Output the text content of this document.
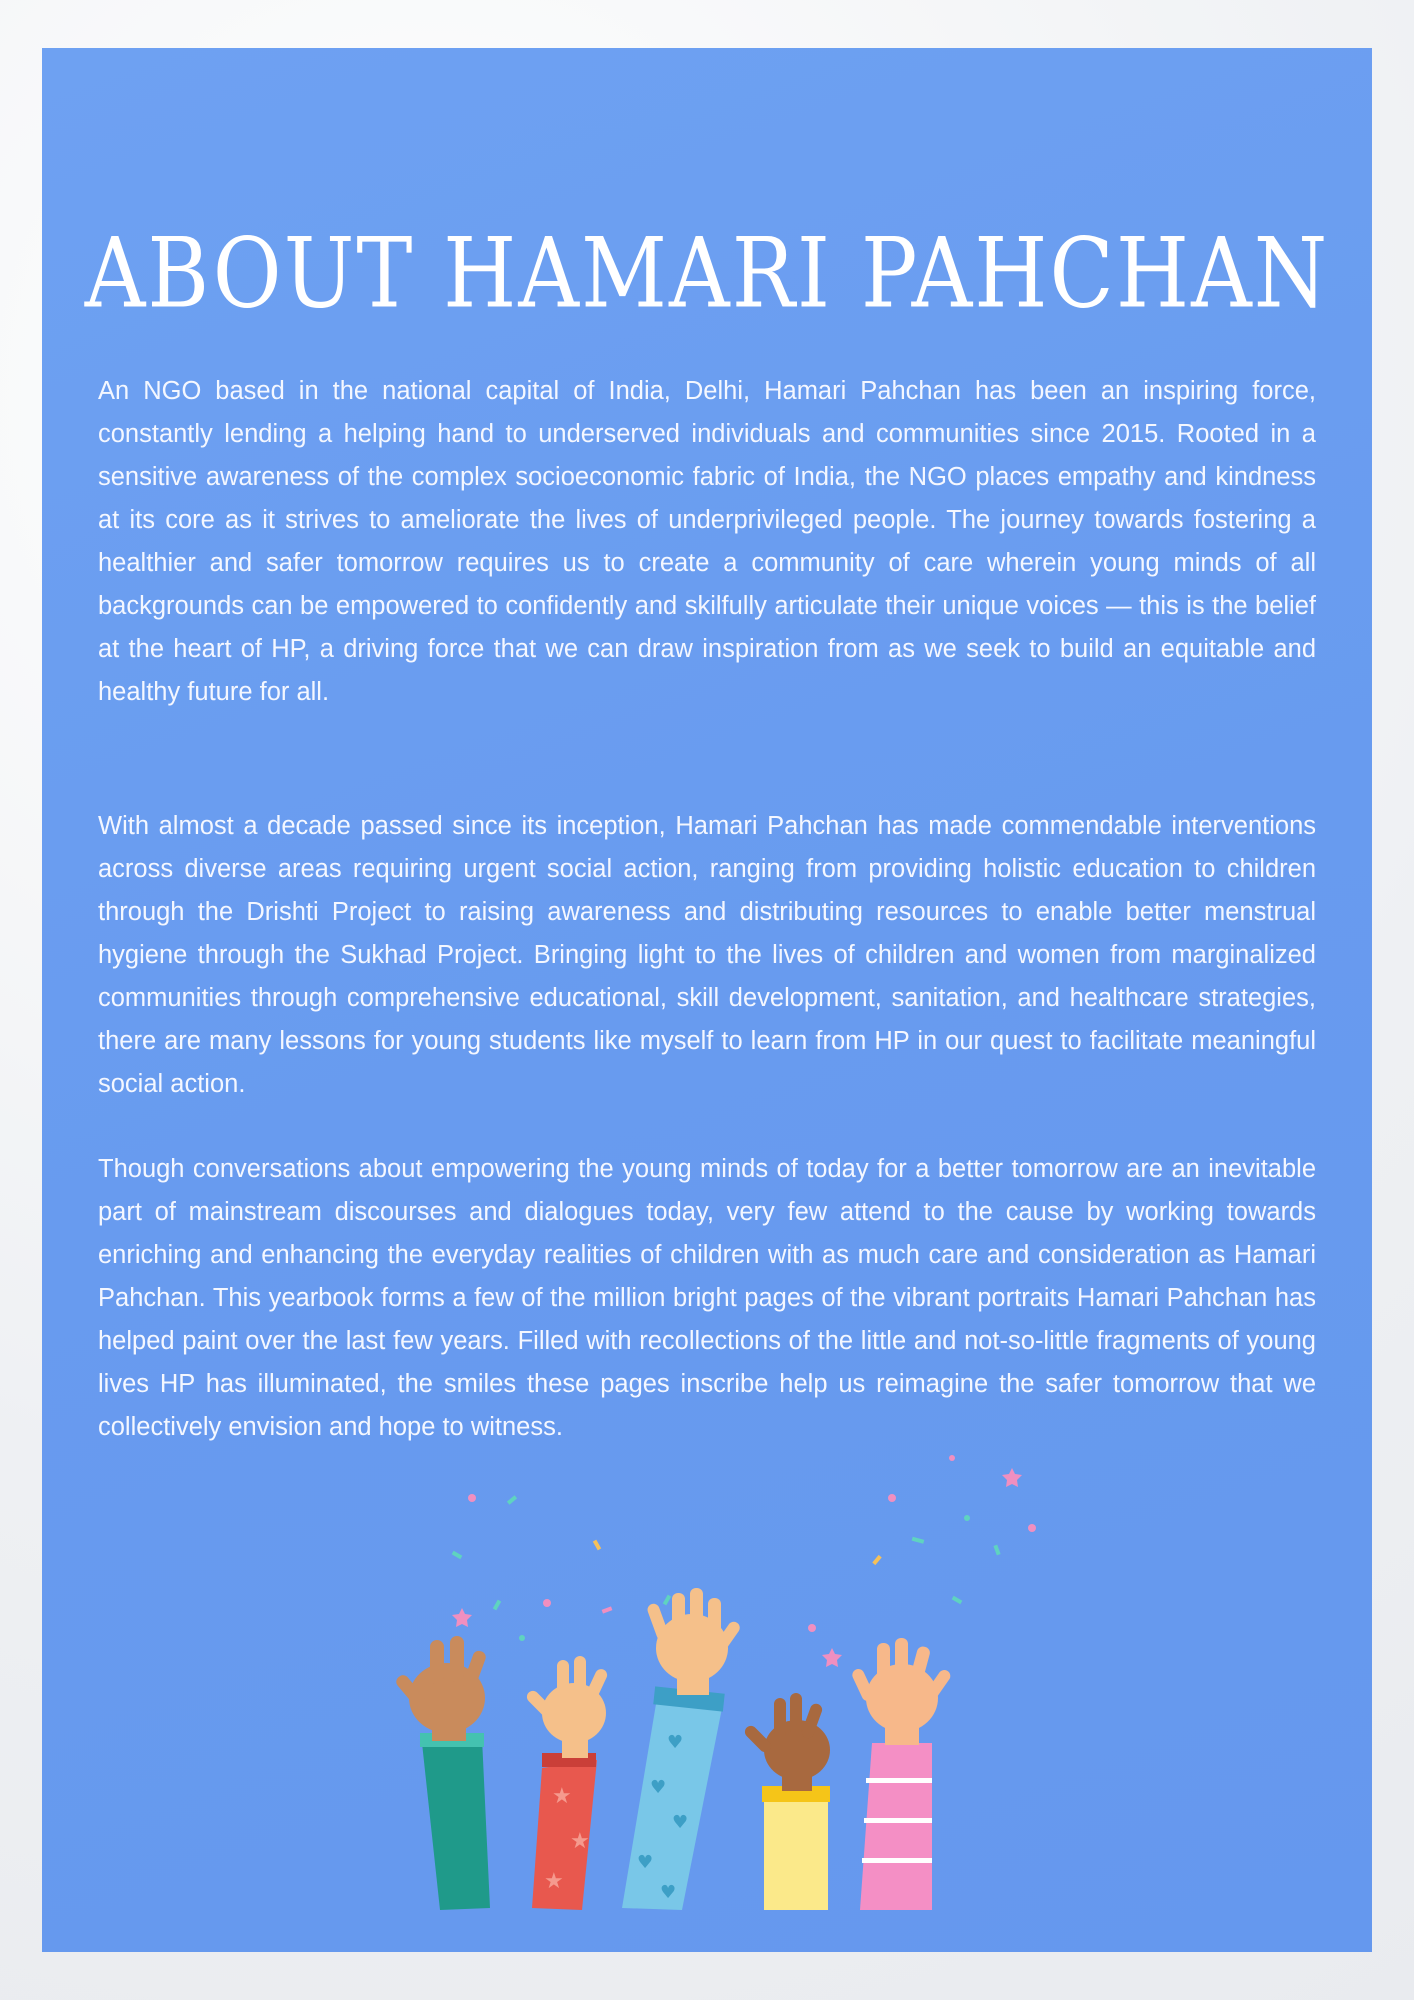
ABOUT HAMARI PAHCHAN

An NGO based in the national capital of India, Delhi, Hamari Pahchan has been an inspiring force, constantly lending a helping hand to underserved individuals and communities since 2015. Rooted in a sensitive awareness of the complex socioeconomic fabric of India, the NGO places empathy and kindness at its core as it strives to ameliorate the lives of underprivileged people. The journey towards fostering a healthier and safer tomorrow requires us to create a community of care wherein young minds of all backgrounds can be empowered to confidently and skilfully articulate their unique voices — this is the belief at the heart of HP, a driving force that we can draw inspiration from as we seek to build an equitable and healthy future for all.

With almost a decade passed since its inception, Hamari Pahchan has made commendable interventions across diverse areas requiring urgent social action, ranging from providing holistic education to children through the Drishti Project to raising awareness and distributing resources to enable better menstrual hygiene through the Sukhad Project. Bringing light to the lives of children and women from marginalized communities through comprehensive educational, skill development, sanitation, and healthcare strategies, there are many lessons for young students like myself to learn from HP in our quest to facilitate meaningful social action.

Though conversations about empowering the young minds of today for a better tomorrow are an inevitable part of mainstream discourses and dialogues today, very few attend to the cause by working towards enriching and enhancing the everyday realities of children with as much care and consideration as Hamari Pahchan. This yearbook forms a few of the million bright pages of the vibrant portraits Hamari Pahchan has helped paint over the last few years. Filled with recollections of the little and not-so-little fragments of young lives HP has illuminated, the smiles these pages inscribe help us reimagine the safer tomorrow that we collectively envision and hope to witness.

★
★
★
♥
♥
♥
♥
♥
